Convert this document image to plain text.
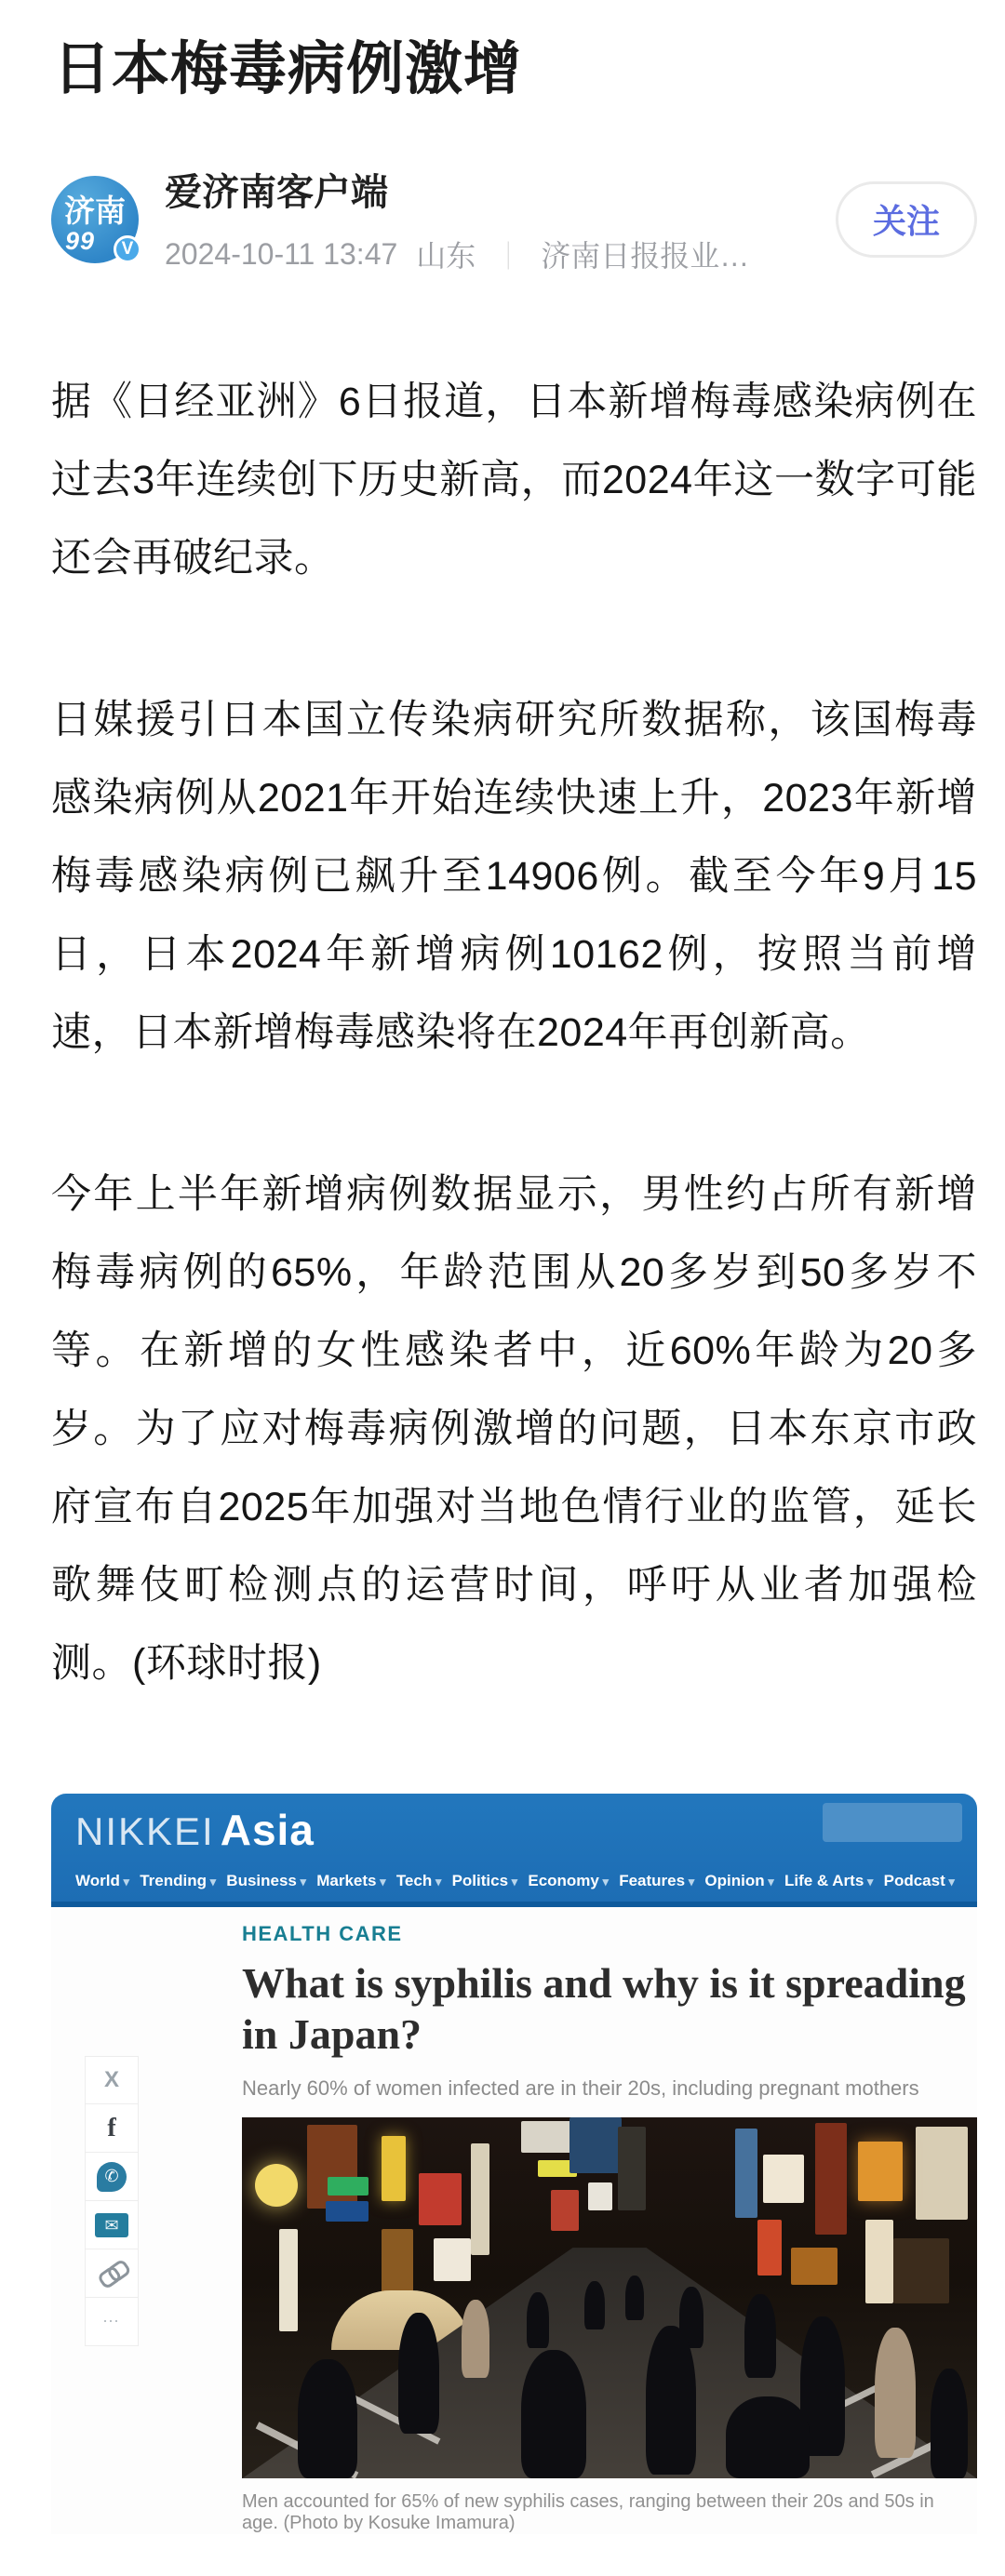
日本梅毒病例激增
济南
99	V
爱济南客户端
2024-10-11 13:47 山东 ｜ 济南日报报业…
关注

据《日经亚洲》6日报道，日本新增梅毒感染病例在过去3年连续创下历史新高，而2024年这一数字可能还会再破纪录。

日媒援引日本国立传染病研究所数据称，该国梅毒感染病例从2021年开始连续快速上升，2023年新增梅毒感染病例已飙升至14906例。截至今年9月15日，日本2024年新增病例10162例，按照当前增速，日本新增梅毒感染将在2024年再创新高。

今年上半年新增病例数据显示，男性约占所有新增梅毒病例的65%，年龄范围从20多岁到50多岁不等。在新增的女性感染者中，近60%年龄为20多岁。为了应对梅毒病例激增的问题，日本东京市政府宣布自2025年加强对当地色情行业的监管，延长歌舞伎町检测点的运营时间，呼吁从业者加强检测。(环球时报)

NIKKEI Asia
World ▾	Trending ▾	Business ▾	Markets ▾	Tech ▾	Politics ▾	Economy ▾	Features ▾	Opinion ▾	Life & Arts ▾	Podcast ▾
X
f
✆
✉
⋯
HEALTH CARE
What is syphilis and why is it spreading in Japan?
Nearly 60% of women infected are in their 20s, including pregnant mothers
Men accounted for 65% of new syphilis cases, ranging between their 20s and 50s in age. (Photo by Kosuke Imamura)
